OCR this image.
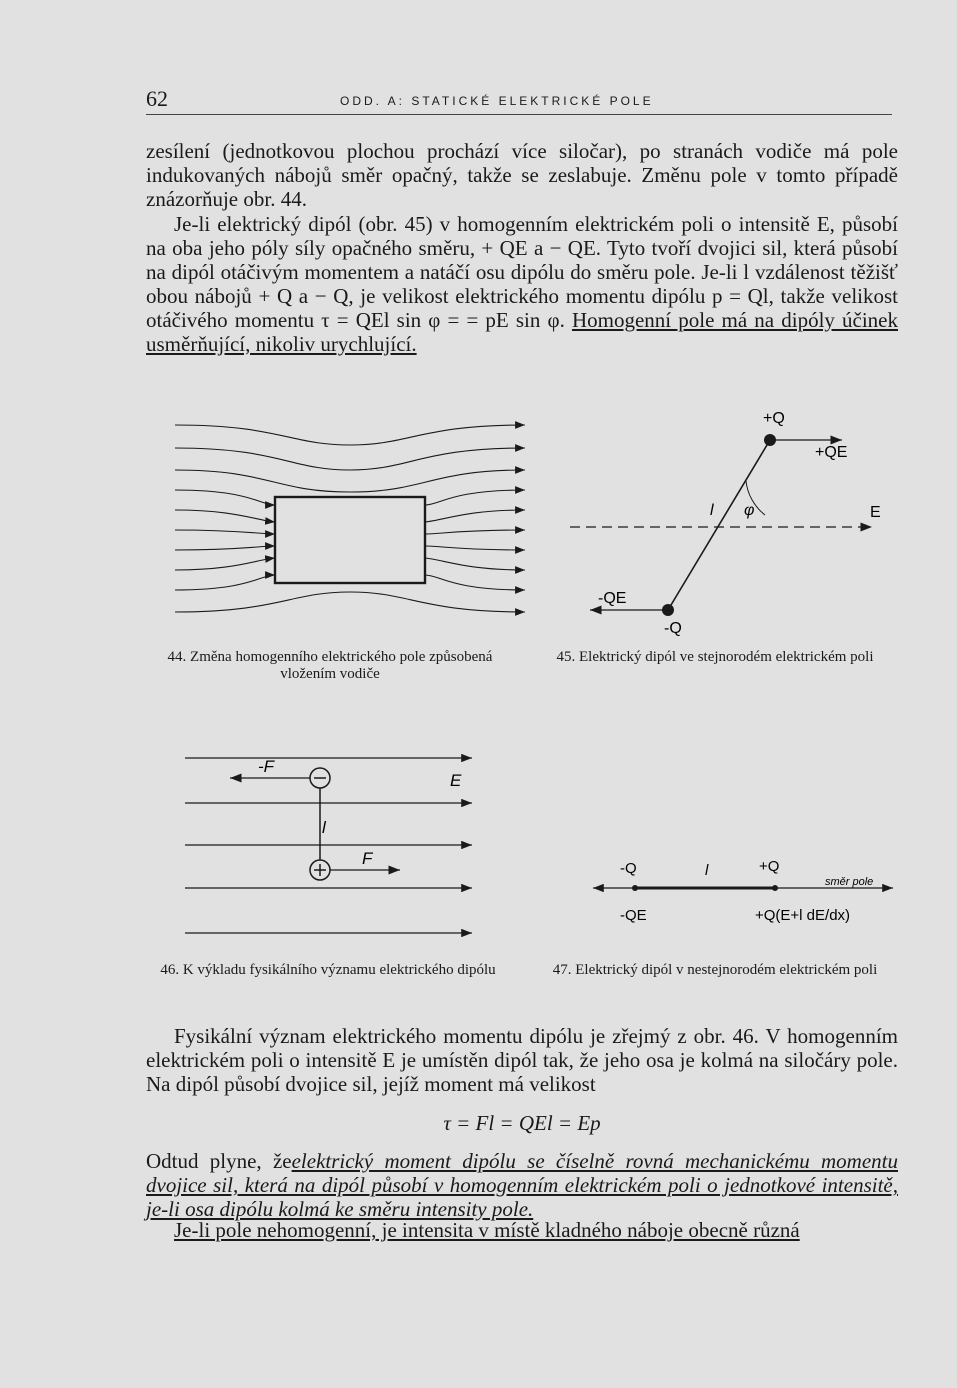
62	ODD. A: STATICKÉ ELEKTRICKÉ POLE

zesílení (jednotkovou plochou prochází více siločar), po stranách vodiče má pole indukovaných nábojů směr opačný, takže se zeslabuje. Změnu pole v tomto případě znázorňuje obr. 44.

Je-li elektrický dipól (obr. 45) v homogenním elektrickém poli o intensitě E, působí na oba jeho póly síly opačného směru, + QE a − QE. Tyto tvoří dvojici sil, která působí na dipól otáčivým momentem a natáčí osu dipólu do směru pole. Je-li l vzdálenost těžišť obou nábojů + Q a − Q, je velikost elektrického momentu dipólu p = Ql, takže velikost otáčivého momentu τ = QEl sin φ = = pE sin φ. Homogenní pole má na dipóly účinek usměrňující, nikoliv urychlující.

+Q
+QE
l φ	E
-QE
-Q
44. Změna homogenního elektrického pole způsobená vložením vodiče
45. Elektrický dipól ve stejnorodém elektrickém poli
-F
E
l
F
-Q	l	+Q
směr pole
-QE	+Q(E+l dE/dx)
46. K výkladu fysikálního významu elektrického dipólu	47. Elektrický dipól v nestejnorodém elektrickém poli

Fysikální význam elektrického momentu dipólu je zřejmý z obr. 46. V homogenním elektrickém poli o intensitě E je umístěn dipól tak, že jeho osa je kolmá na siločáry pole. Na dipól působí dvojice sil, jejíž moment má velikost

τ = Fl = QEl = Ep

Odtud plyne, žeelektrický moment dipólu se číselně rovná mechanickému momentu dvojice sil, která na dipól působí v homogenním elektrickém poli o jednotkové intensitě, je-li osa dipólu kolmá ke směru intensity pole.

Je-li pole nehomogenní, je intensita v místě kladného náboje obecně různá
